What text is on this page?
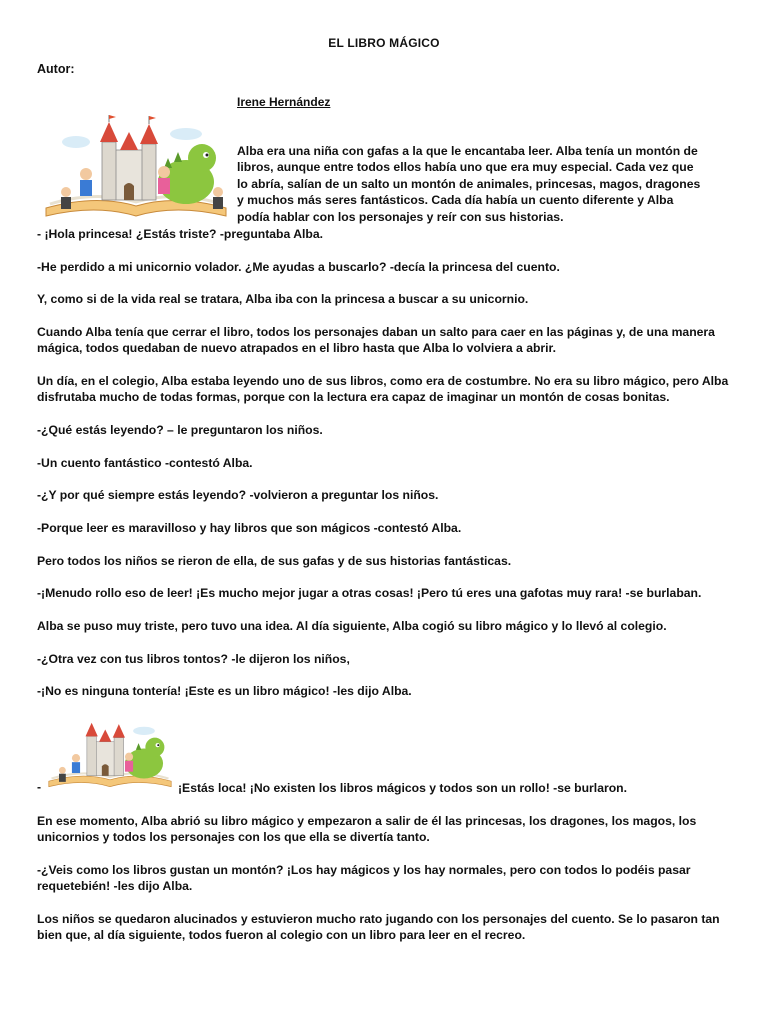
EL LIBRO MÁGICO
Autor:
Irene Hernández
Alba era una niña con gafas a la que le encantaba leer. Alba tenía un montón de libros, aunque entre todos ellos había uno que era muy especial. Cada vez que lo abría, salían de un salto un montón de animales, princesas, magos, dragones y muchos más seres fantásticos. Cada día había un cuento diferente y Alba podía hablar con los personajes y reír con sus historias.

- ¡Hola princesa! ¿Estás triste? -preguntaba Alba.

-He perdido a mi unicornio volador. ¿Me ayudas a buscarlo? -decía la princesa del cuento.

Y, como si de la vida real se tratara, Alba iba con la princesa a buscar a su unicornio.

Cuando Alba tenía que cerrar el libro, todos los personajes daban un salto para caer en las páginas y, de una manera mágica, todos quedaban de nuevo atrapados en el libro hasta que Alba lo volviera a abrir.

Un día, en el colegio, Alba estaba leyendo uno de sus libros, como era de costumbre. No era su libro mágico, pero Alba disfrutaba mucho de todas formas, porque con la lectura era capaz de imaginar un montón de cosas bonitas.

-¿Qué estás leyendo? – le preguntaron los niños.

-Un cuento fantástico -contestó Alba.

-¿Y por qué siempre estás leyendo? -volvieron a preguntar los niños.

-Porque leer es maravilloso y hay libros que son mágicos -contestó Alba.

Pero todos los niños se rieron de ella, de sus gafas y de sus historias fantásticas.

-¡Menudo rollo eso de leer! ¡Es mucho mejor jugar a otras cosas! ¡Pero tú eres una gafotas muy rara! -se burlaban.

Alba se puso muy triste, pero tuvo una idea. Al día siguiente, Alba cogió su libro mágico y lo llevó al colegio.

-¿Otra vez con tus libros tontos? -le dijeron los niños,

-¡No es ninguna tontería! ¡Este es un libro mágico! -les dijo Alba.

-	¡Estás loca! ¡No existen los libros mágicos y todos son un rollo! -se burlaron.

En ese momento, Alba abrió su libro mágico y empezaron a salir de él las princesas, los dragones, los magos, los unicornios y todos los personajes con los que ella se divertía tanto.

-¿Veis como los libros gustan un montón? ¡Los hay mágicos y los hay normales, pero con todos lo podéis pasar requetebién! -les dijo Alba.

Los niños se quedaron alucinados y estuvieron mucho rato jugando con los personajes del cuento. Se lo pasaron tan bien que, al día siguiente, todos fueron al colegio con un libro para leer en el recreo.
